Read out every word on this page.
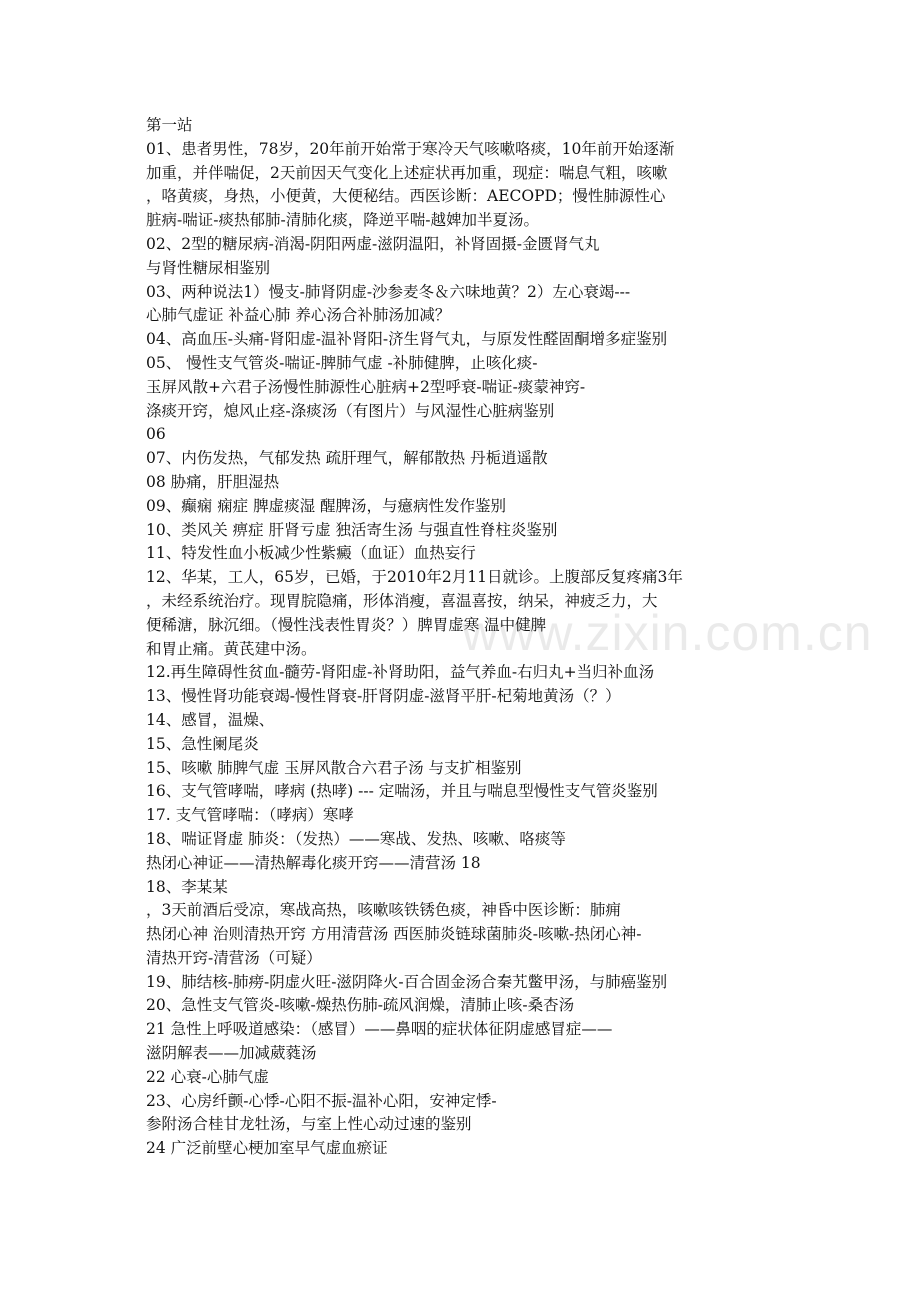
www.zixin.com.cn
第一站
01、患者男性，78岁，20年前开始常于寒冷天气咳嗽咯痰，10年前开始逐渐
加重，并伴喘促，2天前因天气变化上述症状再加重，现症：喘息气粗，咳嗽
，咯黄痰，身热，小便黄，大便秘结。西医诊断：AECOPD；慢性肺源性心
脏病-喘证-痰热郁肺-清肺化痰，降逆平喘-越婢加半夏汤。
02、2型的糖尿病-消渴-阴阳两虚-滋阴温阳，补肾固摄-金匮肾气丸
与肾性糖尿相鉴别
03、两种说法1）慢支-肺肾阴虚-沙参麦冬＆六味地黄？2）左心衰竭---
心肺气虚证 补益心肺 养心汤合补肺汤加减？
04、高血压-头痛-肾阳虚-温补肾阳-济生肾气丸，与原发性醛固酮增多症鉴别
05、 慢性支气管炎-喘证-脾肺气虚 -补肺健脾，止咳化痰-
玉屏风散+六君子汤慢性肺源性心脏病+2型呼衰-喘证-痰蒙神窍-
涤痰开窍，熄风止痉-涤痰汤（有图片）与风湿性心脏病鉴别
06
07、内伤发热，气郁发热 疏肝理气，解郁散热 丹栀逍遥散
08 胁痛，肝胆湿热
09、癫痫 痫症 脾虚痰湿 醒脾汤，与癔病性发作鉴别
10、类风关 痹症 肝肾亏虚 独活寄生汤 与强直性脊柱炎鉴别
11、特发性血小板减少性紫癜（血证）血热妄行
12、华某，工人，65岁，已婚，于2010年2月11日就诊。上腹部反复疼痛3年
，未经系统治疗。现胃脘隐痛，形体消瘦，喜温喜按，纳呆，神疲乏力，大
便稀溏，脉沉细。（慢性浅表性胃炎？）脾胃虚寒 温中健脾
和胃止痛。黄芪建中汤。
12.再生障碍性贫血-髓劳-肾阳虚-补肾助阳，益气养血-右归丸+当归补血汤
13、慢性肾功能衰竭-慢性肾衰-肝肾阴虚-滋肾平肝-杞菊地黄汤（？）
14、感冒，温燥、
15、急性阑尾炎
15、咳嗽 肺脾气虚 玉屏风散合六君子汤 与支扩相鉴别
16、支气管哮喘，哮病 (热哮) --- 定喘汤，并且与喘息型慢性支气管炎鉴别
17. 支气管哮喘：（哮病）寒哮
18、喘证肾虚 肺炎：（发热）——寒战、发热、咳嗽、咯痰等
热闭心神证——清热解毒化痰开窍——清营汤 18
18、李某某
，3天前酒后受凉，寒战高热，咳嗽咳铁锈色痰，神昏中医诊断：肺痈
热闭心神 治则清热开窍 方用清营汤 西医肺炎链球菌肺炎-咳嗽-热闭心神-
清热开窍-清营汤（可疑）
19、肺结核-肺痨-阴虚火旺-滋阴降火-百合固金汤合秦艽鳖甲汤，与肺癌鉴别
20、急性支气管炎-咳嗽-燥热伤肺-疏风润燥，清肺止咳-桑杏汤
21 急性上呼吸道感染：（感冒）——鼻咽的症状体征阴虚感冒症——
滋阴解表——加减葳蕤汤
22 心衰-心肺气虚
23、心房纤颤-心悸-心阳不振-温补心阳，安神定悸-
参附汤合桂甘龙牡汤，与室上性心动过速的鉴别
24 广泛前壁心梗加室早气虚血瘀证
